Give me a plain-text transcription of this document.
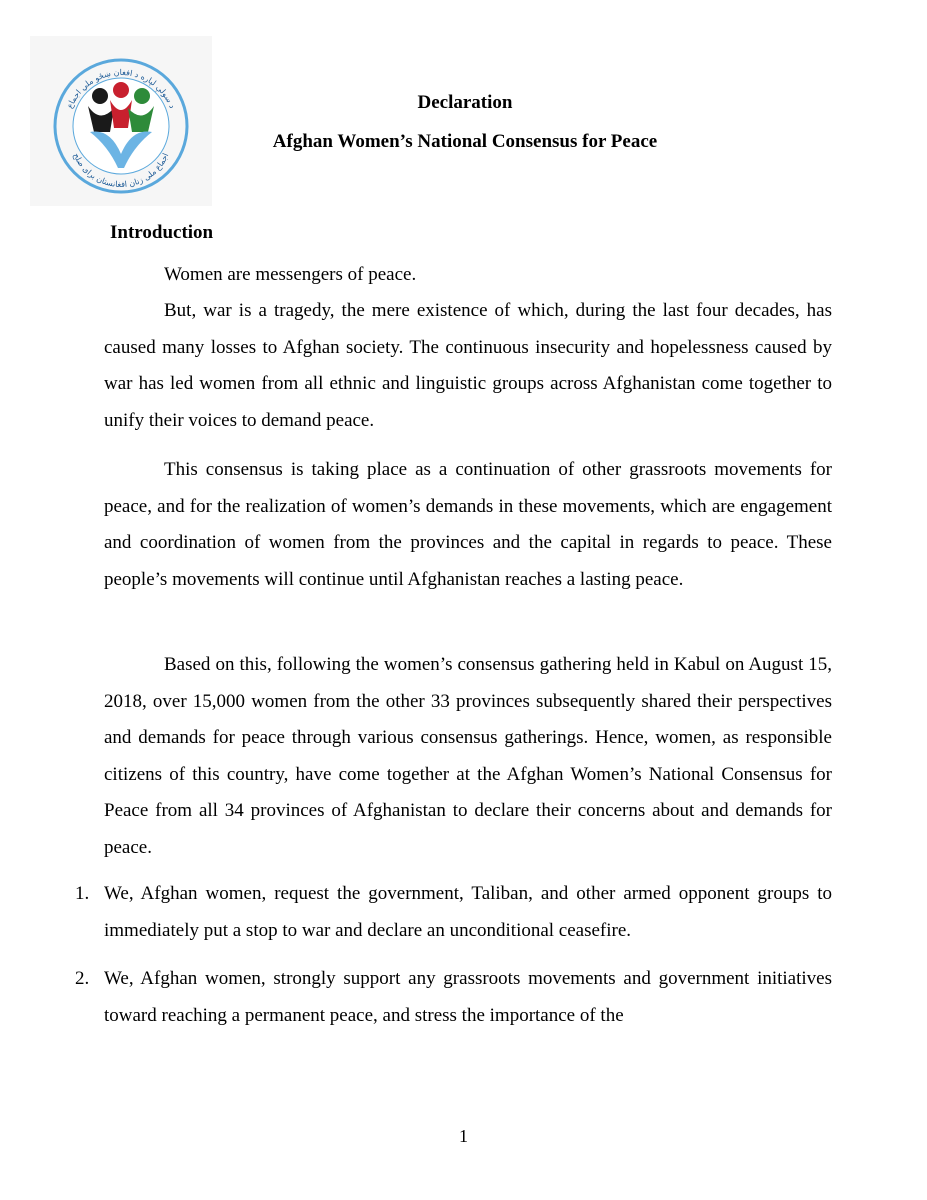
د سولې لپاره د افغان ښځو ملي اجماع
اجماع ملی زنان افغانستان برای صلح
Declaration
Afghan Women’s National Consensus for Peace
Introduction

Women are messengers of peace.

But, war is a tragedy, the mere existence of which, during the last four decades, has caused many losses to Afghan society. The continuous insecurity and hopelessness caused by war has led women from all ethnic and linguistic groups across Afghanistan come together to unify their voices to demand peace.

This consensus is taking place as a continuation of other grassroots movements for peace, and for the realization of women’s demands in these movements, which are engagement and coordination of women from the provinces and the capital in regards to peace. These people’s movements will continue until Afghanistan reaches a lasting peace.

Based on this, following the women’s consensus gathering held in Kabul on August 15, 2018, over 15,000 women from the other 33 provinces subsequently shared their perspectives and demands for peace through various consensus gatherings. Hence, women, as responsible citizens of this country, have come together at the Afghan Women’s National Consensus for Peace from all 34 provinces of Afghanistan to declare their concerns about and demands for peace.

1. We, Afghan women, request the government, Taliban, and other armed opponent groups to immediately put a stop to war and declare an unconditional ceasefire.
2. We, Afghan women, strongly support any grassroots movements and government initiatives toward reaching a permanent peace, and stress the importance of the
1
